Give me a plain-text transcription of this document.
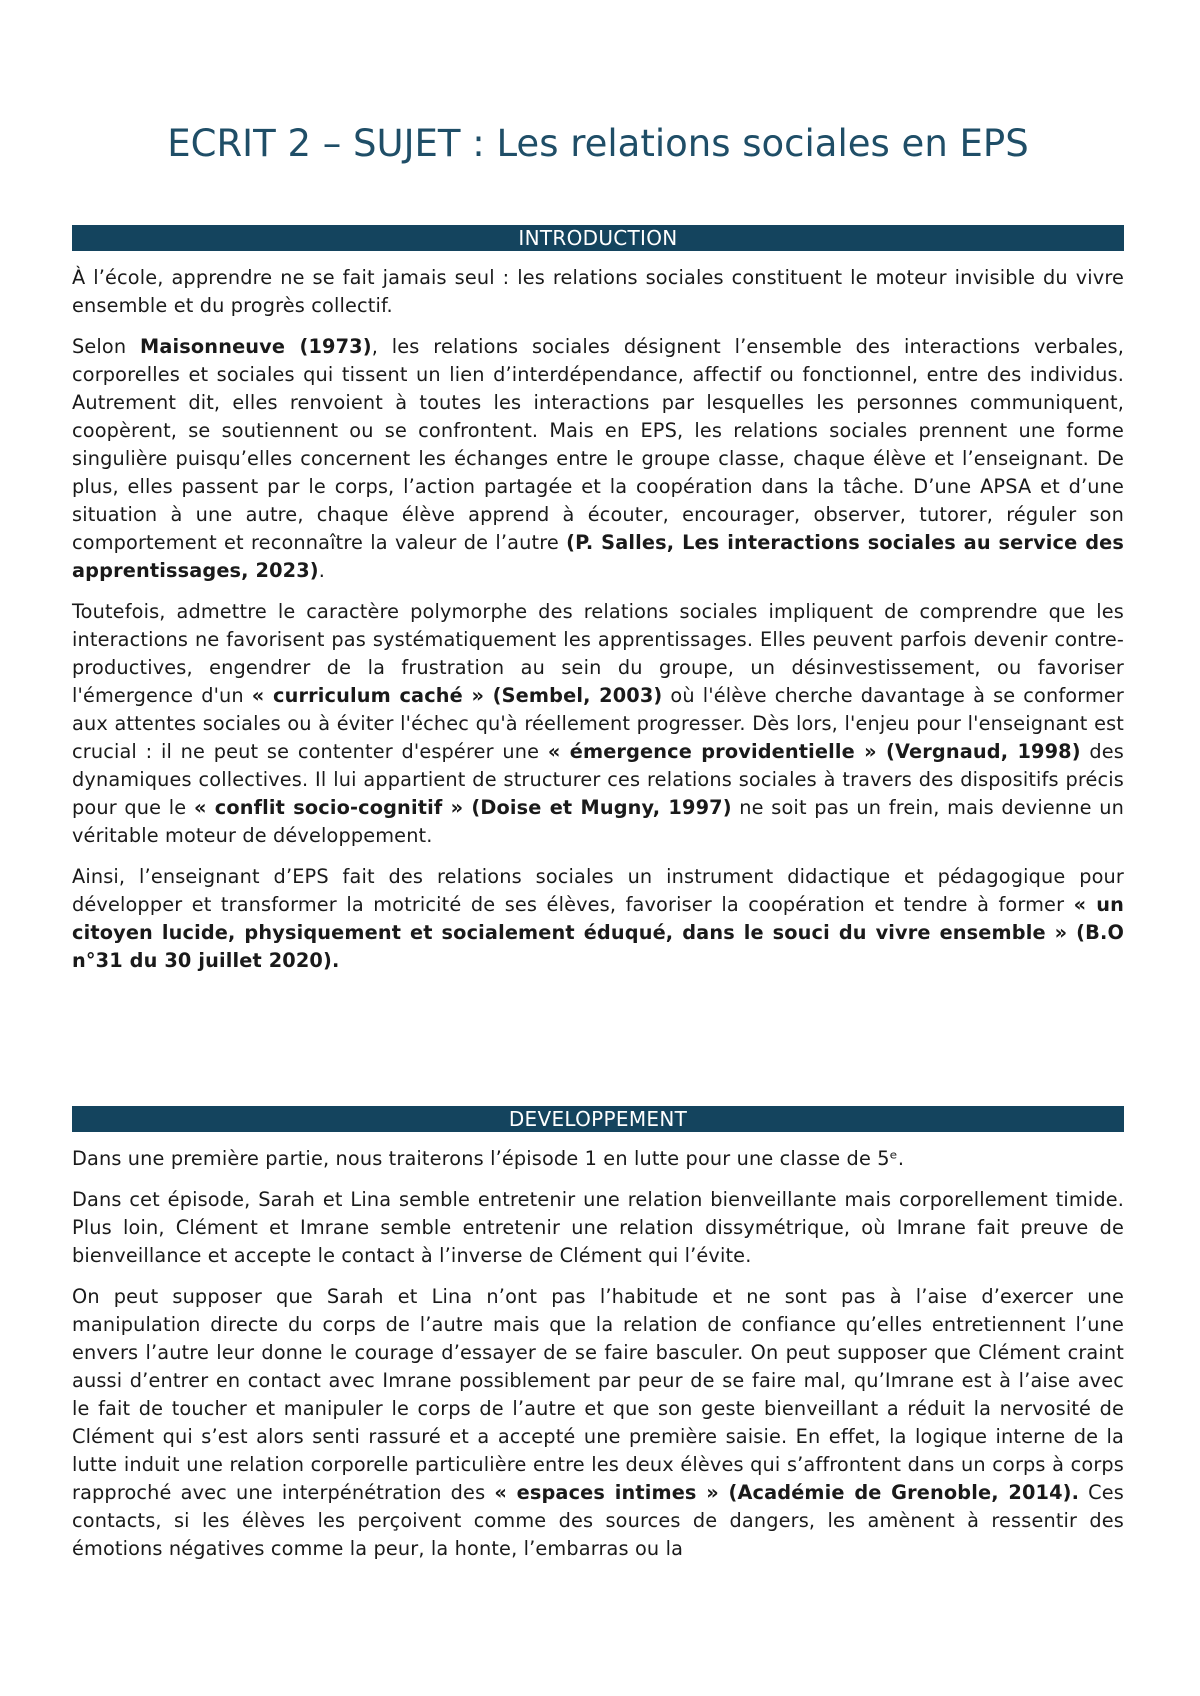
ECRIT 2 – SUJET : Les relations sociales en EPS
INTRODUCTION

À l’école, apprendre ne se fait jamais seul : les relations sociales constituent le moteur invisible du vivre ensemble et du progrès collectif.

Selon Maisonneuve (1973), les relations sociales désignent l’ensemble des interactions verbales, corporelles et sociales qui tissent un lien d’interdépendance, affectif ou fonctionnel, entre des individus. Autrement dit, elles renvoient à toutes les interactions par lesquelles les personnes communiquent, coopèrent, se soutiennent ou se confrontent. Mais en EPS, les relations sociales prennent une forme singulière puisqu’elles concernent les échanges entre le groupe classe, chaque élève et l’enseignant. De plus, elles passent par le corps, l’action partagée et la coopération dans la tâche. D’une APSA et d’une situation à une autre, chaque élève apprend à écouter, encourager, observer, tutorer, réguler son comportement et reconnaître la valeur de l’autre (P. Salles, Les interactions sociales au service des apprentissages, 2023).

Toutefois, admettre le caractère polymorphe des relations sociales impliquent de comprendre que les interactions ne favorisent pas systématiquement les apprentissages. Elles peuvent parfois devenir contre-productives, engendrer de la frustration au sein du groupe, un désinvestissement, ou favoriser l'émergence d'un « curriculum caché » (Sembel, 2003) où l'élève cherche davantage à se conformer aux attentes sociales ou à éviter l'échec qu'à réellement progresser. Dès lors, l'enjeu pour l'enseignant est crucial : il ne peut se contenter d'espérer une « émergence providentielle » (Vergnaud, 1998) des dynamiques collectives. Il lui appartient de structurer ces relations sociales à travers des dispositifs précis pour que le « conflit socio-cognitif » (Doise et Mugny, 1997) ne soit pas un frein, mais devienne un véritable moteur de développement.

Ainsi, l’enseignant d’EPS fait des relations sociales un instrument didactique et pédagogique pour développer et transformer la motricité de ses élèves, favoriser la coopération et tendre à former « un citoyen lucide, physiquement et socialement éduqué, dans le souci du vivre ensemble » (B.O n°31 du 30 juillet 2020).

DEVELOPPEMENT

Dans une première partie, nous traiterons l’épisode 1 en lutte pour une classe de 5ᵉ.

Dans cet épisode, Sarah et Lina semble entretenir une relation bienveillante mais corporellement timide. Plus loin, Clément et Imrane semble entretenir une relation dissymétrique, où Imrane fait preuve de bienveillance et accepte le contact à l’inverse de Clément qui l’évite.

On peut supposer que Sarah et Lina n’ont pas l’habitude et ne sont pas à l’aise d’exercer une manipulation directe du corps de l’autre mais que la relation de confiance qu’elles entretiennent l’une envers l’autre leur donne le courage d’essayer de se faire basculer. On peut supposer que Clément craint aussi d’entrer en contact avec Imrane possiblement par peur de se faire mal, qu’Imrane est à l’aise avec le fait de toucher et manipuler le corps de l’autre et que son geste bienveillant a réduit la nervosité de Clément qui s’est alors senti rassuré et a accepté une première saisie. En effet, la logique interne de la lutte induit une relation corporelle particulière entre les deux élèves qui s’affrontent dans un corps à corps rapproché avec une interpénétration des « espaces intimes » (Académie de Grenoble, 2014). Ces contacts, si les élèves les perçoivent comme des sources de dangers, les amènent à ressentir des émotions négatives comme la peur, la honte, l’embarras ou la
